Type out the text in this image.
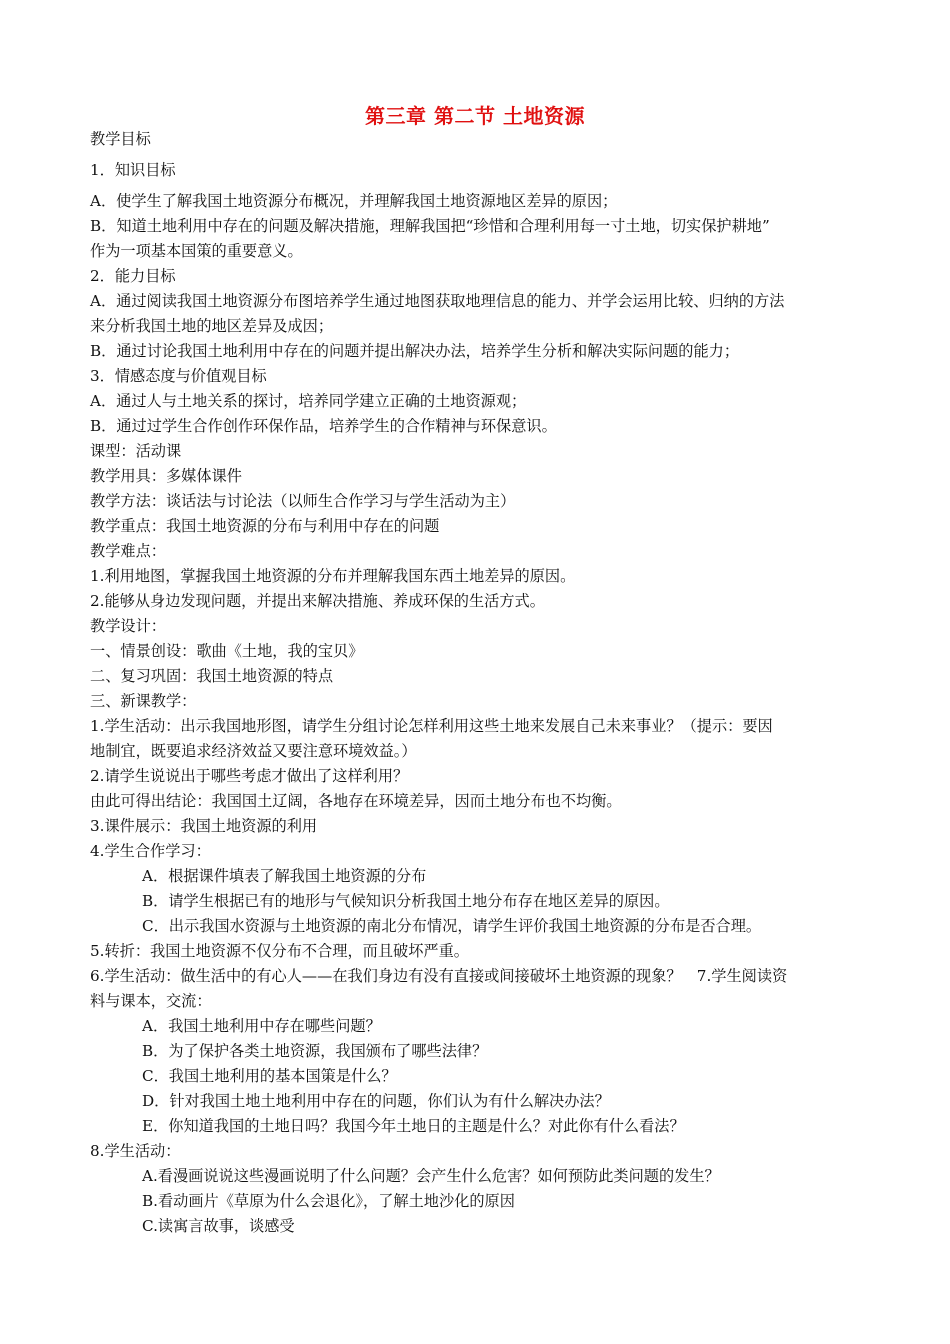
第三章 第二节 土地资源
教学目标
1．知识目标
A．使学生了解我国土地资源分布概况，并理解我国土地资源地区差异的原因；
B．知道土地利用中存在的问题及解决措施，理解我国把“珍惜和合理利用每一寸土地，切实保护耕地”
作为一项基本国策的重要意义。
2．能力目标
A．通过阅读我国土地资源分布图培养学生通过地图获取地理信息的能力、并学会运用比较、归纳的方法
来分析我国土地的地区差异及成因；
B．通过讨论我国土地利用中存在的问题并提出解决办法，培养学生分析和解决实际问题的能力；
3．情感态度与价值观目标
A．通过人与土地关系的探讨，培养同学建立正确的土地资源观；
B．通过过学生合作创作环保作品，培养学生的合作精神与环保意识。
课型：活动课
教学用具：多媒体课件
教学方法：谈话法与讨论法（以师生合作学习与学生活动为主）
教学重点：我国土地资源的分布与利用中存在的问题
教学难点：
1.利用地图，掌握我国土地资源的分布并理解我国东西土地差异的原因。
2.能够从身边发现问题，并提出来解决措施、养成环保的生活方式。
教学设计：
一、情景创设：歌曲《土地，我的宝贝》
二、复习巩固：我国土地资源的特点
三、新课教学：
1.学生活动：出示我国地形图，请学生分组讨论怎样利用这些土地来发展自己未来事业？（提示：要因
地制宜，既要追求经济效益又要注意环境效益。）
2.请学生说说出于哪些考虑才做出了这样利用？
由此可得出结论：我国国土辽阔，各地存在环境差异，因而土地分布也不均衡。
3.课件展示：我国土地资源的利用
4.学生合作学习：
A．根据课件填表了解我国土地资源的分布
B．请学生根据已有的地形与气候知识分析我国土地分布存在地区差异的原因。
C．出示我国水资源与土地资源的南北分布情况，请学生评价我国土地资源的分布是否合理。
5.转折：我国土地资源不仅分布不合理，而且破坏严重。
6.学生活动：做生活中的有心人——在我们身边有没有直接或间接破坏土地资源的现象？　7.学生阅读资
料与课本，交流：
A．我国土地利用中存在哪些问题？
B．为了保护各类土地资源，我国颁布了哪些法律？
C．我国土地利用的基本国策是什么？
D．针对我国土地土地利用中存在的问题，你们认为有什么解决办法？
E．你知道我国的土地日吗？我国今年土地日的主题是什么？对此你有什么看法？
8.学生活动：
A.看漫画说说这些漫画说明了什么问题？会产生什么危害？如何预防此类问题的发生？
B.看动画片《草原为什么会退化》，了解土地沙化的原因
C.读寓言故事，谈感受
